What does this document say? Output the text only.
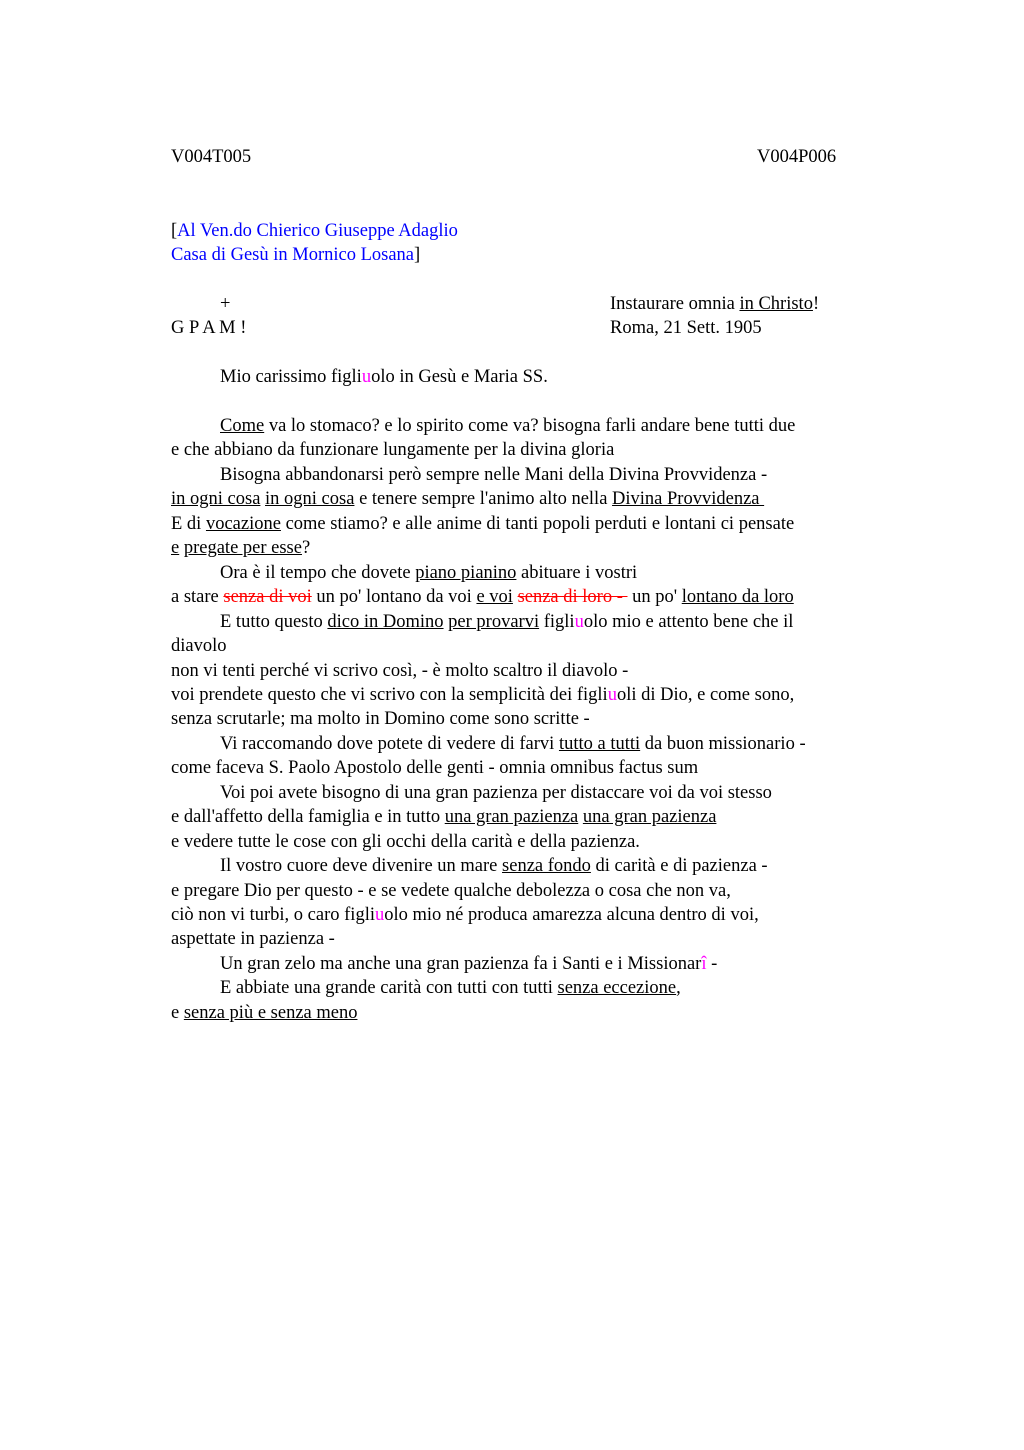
V004T005	V004P006
[Al Ven.do Chierico Giuseppe Adaglio
Casa di Gesù in Mornico Losana]
+	Instaurare omnia in Christo!
G P A M !	Roma, 21 Sett. 1905
Mio carissimo figliuolo in Gesù e Maria SS.
Come va lo stomaco? e lo spirito come va? bisogna farli andare bene tutti due
e che abbiano da funzionare lungamente per la divina gloria
Bisogna abbandonarsi però sempre nelle Mani della Divina Provvidenza -
in ogni cosa in ogni cosa e tenere sempre l'animo alto nella Divina Provvidenza
E di vocazione come stiamo? e alle anime di tanti popoli perduti e lontani ci pensate
e pregate per esse?
Ora è il tempo che dovete piano pianino abituare i vostri
a stare senza di voi un po' lontano da voi e voi senza di loro -  un po' lontano da loro
E tutto questo dico in Domino per provarvi figliuolo mio e attento bene che il
diavolo
non vi tenti perché vi scrivo così, - è molto scaltro il diavolo -
voi prendete questo che vi scrivo con la semplicità dei figliuoli di Dio, e come sono,
senza scrutarle; ma molto in Domino come sono scritte -
Vi raccomando dove potete di vedere di farvi tutto a tutti da buon missionario -
come faceva S. Paolo Apostolo delle genti - omnia omnibus factus sum
Voi poi avete bisogno di una gran pazienza per distaccare voi da voi stesso
e dall'affetto della famiglia e in tutto una gran pazienza una gran pazienza
e vedere tutte le cose con gli occhi della carità e della pazienza.
Il vostro cuore deve divenire un mare senza fondo di carità e di pazienza -
e pregare Dio per questo - e se vedete qualche debolezza o cosa che non va,
ciò non vi turbi, o caro figliuolo mio né produca amarezza alcuna dentro di voi,
aspettate in pazienza -
Un gran zelo ma anche una gran pazienza fa i Santi e i Missionarî -
E abbiate una grande carità con tutti con tutti senza eccezione,
e senza più e senza meno
